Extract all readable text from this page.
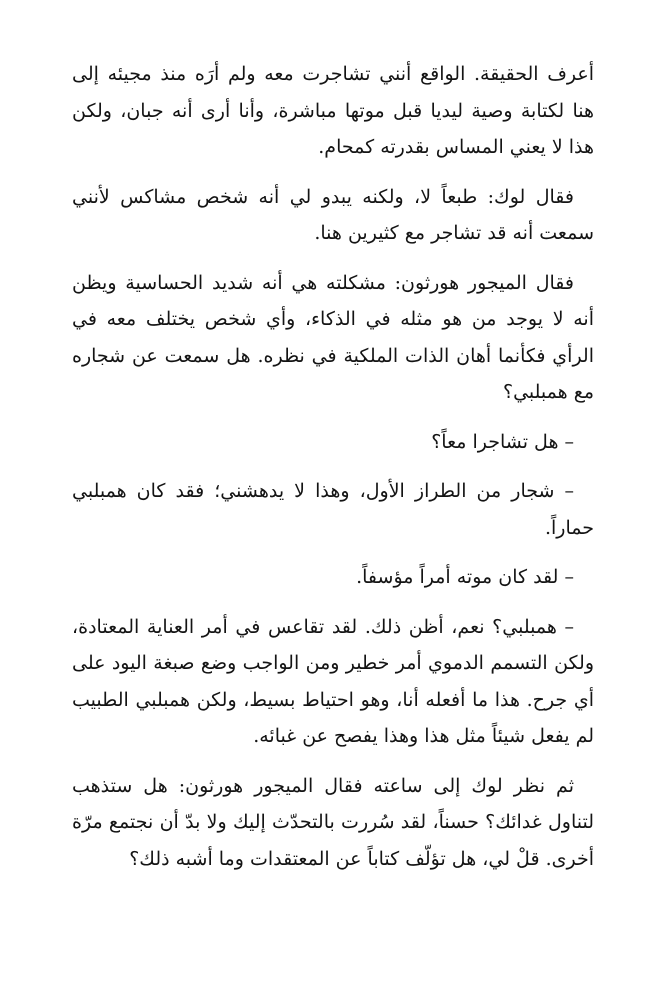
أعرف الحقيقة. الواقع أنني تشاجرت معه ولم أرَه منذ مجيئه إلى هنا لكتابة وصية ليديا قبل موتها مباشرة، وأنا أرى أنه جبان، ولكن هذا لا يعني المساس بقدرته كمحام.

فقال لوك: طبعاً لا، ولكنه يبدو لي أنه شخص مشاكس لأنني سمعت أنه قد تشاجر مع كثيرين هنا.

فقال الميجور هورثون: مشكلته هي أنه شديد الحساسية ويظن أنه لا يوجد من هو مثله في الذكاء، وأي شخص يختلف معه في الرأي فكأنما أهان الذات الملكية في نظره. هل سمعت عن شجاره مع همبلبي؟

– هل تشاجرا معاً؟

– شجار من الطراز الأول، وهذا لا يدهشني؛ فقد كان همبلبي حماراً.

– لقد كان موته أمراً مؤسفاً.

– همبلبي؟ نعم، أظن ذلك. لقد تقاعس في أمر العناية المعتادة، ولكن التسمم الدموي أمر خطير ومن الواجب وضع صبغة اليود على أي جرح. هذا ما أفعله أنا، وهو احتياط بسيط، ولكن همبلبي الطبيب لم يفعل شيئاً مثل هذا وهذا يفصح عن غبائه.

ثم نظر لوك إلى ساعته فقال الميجور هورثون: هل ستذهب لتناول غدائك؟ حسناً، لقد سُررت بالتحدّث إليك ولا بدّ أن نجتمع مرّة أخرى. قلْ لي، هل تؤلّف كتاباً عن المعتقدات وما أشبه ذلك؟
